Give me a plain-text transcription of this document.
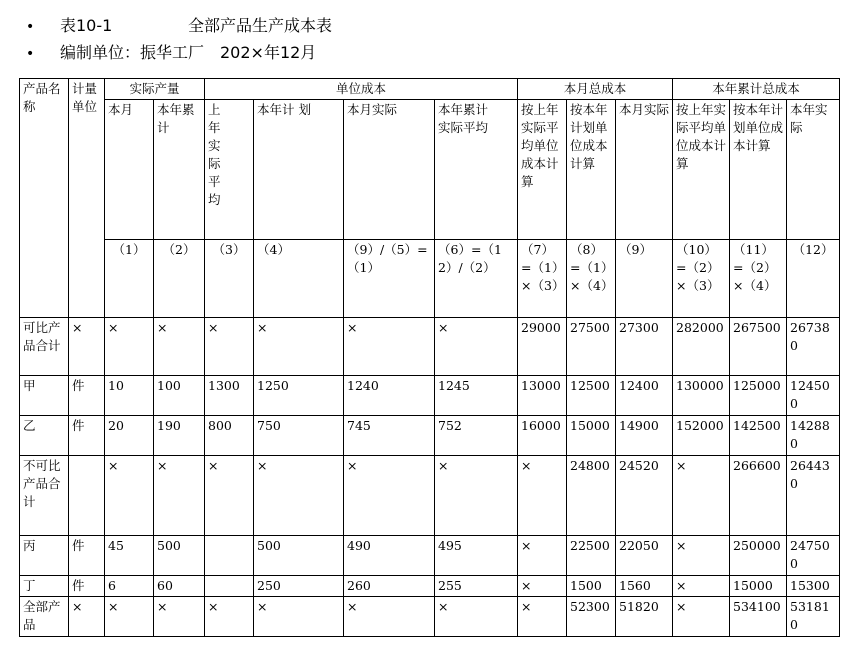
• 表10-1	全部产品生产成本表
• 编制单位：振华工厂 202×年12月
产品名称	计量单位	实际产量		单位成本				本月总成本			本年累计总成本		
		本月	本年累计	上年实际平均	本年计 划	本月实际	本年累计实际平均	按上年实际平均单位成本计算	按本年计划单位成本计算	本月实际	按上年实际平均单位成本计算	按本年计划单位成本计算	本年实际
		（1）	（2）	（3）	（4）	（9）/（5）=（1）	（6）=（12）/（2）	（7）=（1）×（3）	（8）=（1）×（4）	（9）	（10）=（2）×（3）	（11）=（2）×（4）	（12）
可比产品合计	×	×	×	×	×	×	×	29000	27500	27300	282000	267500	267380
甲	件	10	100	1300	1250	1240	1245	13000	12500	12400	130000	125000	124500
乙	件	20	190	800	750	745	752	16000	15000	14900	152000	142500	142880
不可比产品合计		×	×	×	×	×	×	×	24800	24520	×	266600	264430
丙	件	45	500		500	490	495	×	22500	22050	×	250000	247500
丁	件	6	60		250	260	255	×	1500	1560	×	15000	15300
全部产品	×	×	×	×	×	×	×	×	52300	51820	×	534100	531810
